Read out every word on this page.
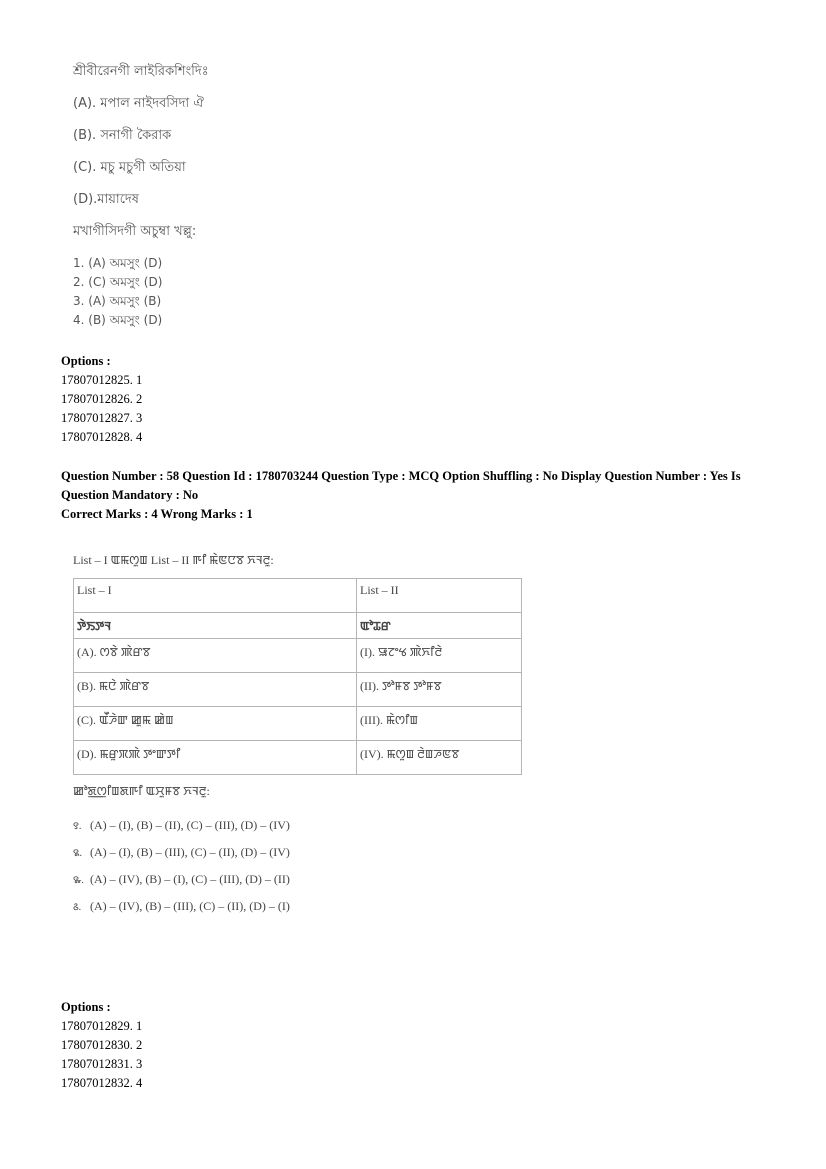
শ্রীবীরেনগী লাইরিকশিংদিঃ
(A). মপাল নাইদবসিদা ঐ
(B). সনাগী কৈরাক
(C). মচু মচুগী অতিয়া
(D).মায়াদেষ
মখাগীসিদগী অচুম্বা খল্লু:
1. (A) অমসুং (D)
2. (C) অমসুং (D)
3. (A) অমসুং (B)
4. (B) অমসুং (D)
Options :
17807012825. 1
17807012826. 2
17807012827. 3
17807012828. 4
Question Number : 58 Question Id : 1780703244 Question Type : MCQ Option Shuffling : No Display Question Number : Yes Is
Question Mandatory : No
Correct Marks : 4 Wrong Marks : 1
List – I ꯑꯃꯁꯨꯡ List – II ꯒꯤ ꯃꯥꯟꯅꯕ ꯈꯜꯂꯨ:
List – I	List – II
ꯇꯥꯏꯇꯜ	ꯑꯣꯊꯔ
(A). ꯁꯕꯥ ꯄꯥꯔꯕ	(I). ꯎꯖꯦꯠ ꯄꯥꯈꯤꯂꯥ
(B). ꯃꯅꯥ ꯄꯥꯔꯕ	(II). ꯇꯣꯝꯕ ꯇꯣꯝꯕ
(C). ꯑꯩꯍꯥꯛ ꯀꯨꯃ ꯀꯥꯡ	(III). ꯃꯥꯁꯤꯡ
(D). ꯃꯔꯨꯞꯄꯥ ꯇꯦꯛꯇꯤ	(IV). ꯃꯁꯨꯡ ꯂꯥꯡꯍꯟꯕ
ꯀꯣꯗ꯭ꯁꯤꯡꯗꯒꯤ ꯑꯆꯨꯝꯕ ꯈꯜꯂꯨ:
꯱. (A) – (I), (B) – (II), (C) – (III), (D) – (IV)
꯲. (A) – (I), (B) – (III), (C) – (II), (D) – (IV)
꯳. (A) – (IV), (B) – (I), (C) – (III), (D) – (II)
꯴. (A) – (IV), (B) – (III), (C) – (II), (D) – (I)
Options :
17807012829. 1
17807012830. 2
17807012831. 3
17807012832. 4
